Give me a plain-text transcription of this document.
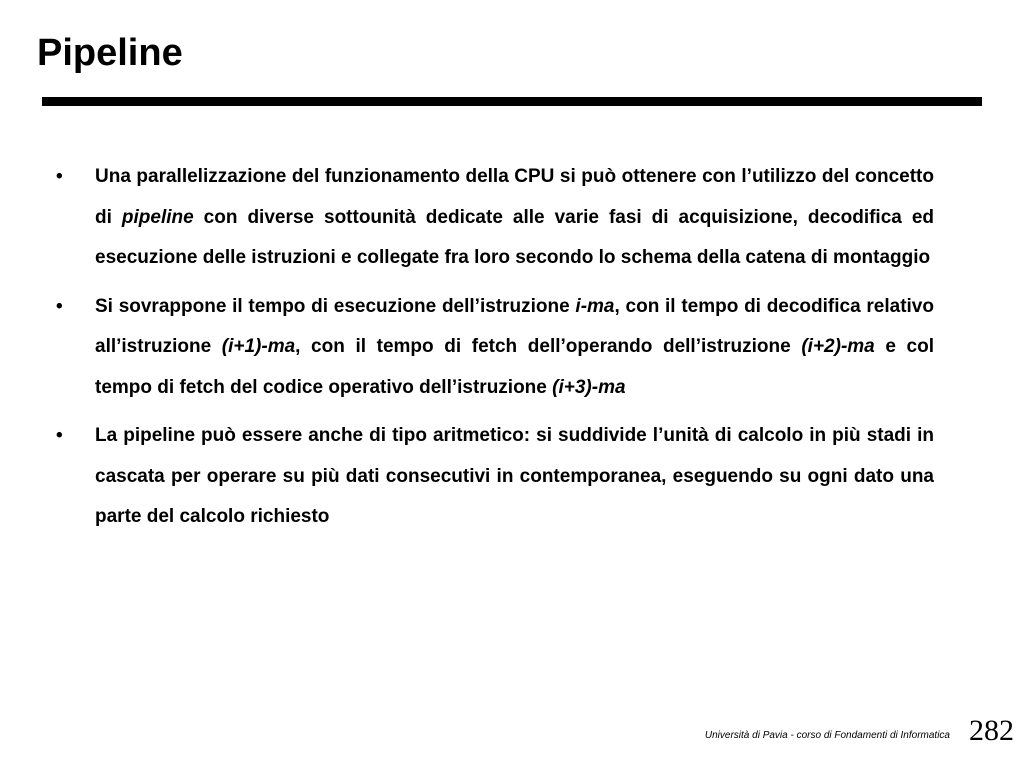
Pipeline
• Una parallelizzazione del funzionamento della CPU si può ottenere con l’utilizzo del concetto di pipeline con diverse sottounità dedicate alle varie fasi di acquisizione, decodifica ed esecuzione delle istruzioni e collegate fra loro secondo lo schema della catena di montaggio
• Si sovrappone il tempo di esecuzione dell’istruzione i-ma, con il tempo di decodifica relativo all’istruzione (i+1)-ma, con il tempo di fetch dell’operando dell’istruzione (i+2)-ma e col tempo di fetch del codice operativo dell’istruzione (i+3)-ma
• La pipeline può essere anche di tipo aritmetico: si suddivide l’unità di calcolo in più stadi in cascata per operare su più dati consecutivi in contemporanea, eseguendo su ogni dato una parte del calcolo richiesto
Università di Pavia - corso di Fondamenti di Informatica 282
